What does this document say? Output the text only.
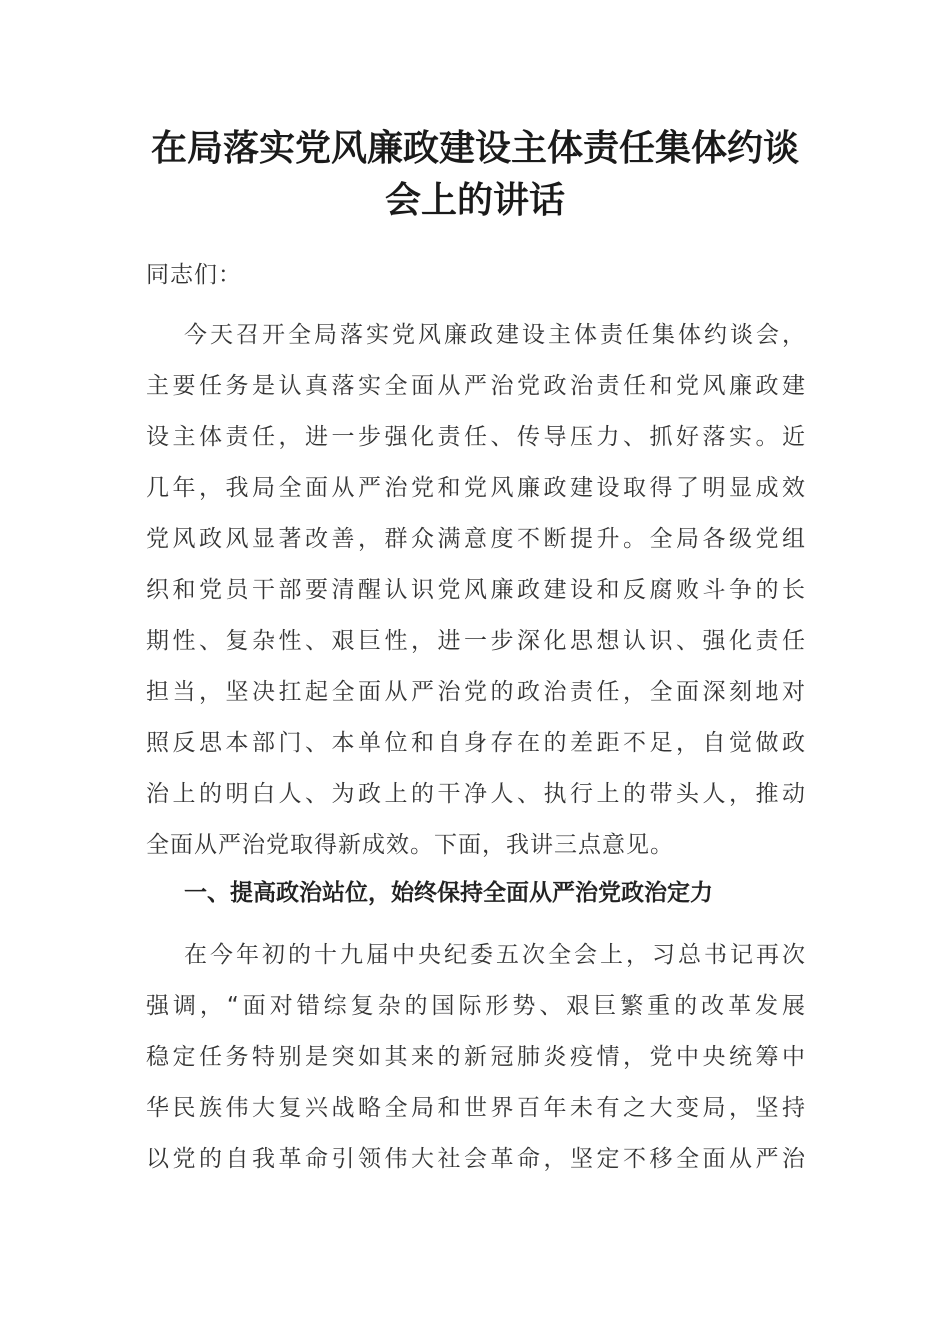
在局落实党风廉政建设主体责任集体约谈
会上的讲话
同志们：
今天召开全局落实党风廉政建设主体责任集体约谈会，
主要任务是认真落实全面从严治党政治责任和党风廉政建
设主体责任，进一步强化责任、传导压力、抓好落实。近
几年，我局全面从严治党和党风廉政建设取得了明显成效
党风政风显著改善，群众满意度不断提升。全局各级党组
织和党员干部要清醒认识党风廉政建设和反腐败斗争的长
期性、复杂性、艰巨性，进一步深化思想认识、强化责任
担当，坚决扛起全面从严治党的政治责任，全面深刻地对
照反思本部门、本单位和自身存在的差距不足，自觉做政
治上的明白人、为政上的干净人、执行上的带头人，推动
全面从严治党取得新成效。下面，我讲三点意见。
一、提高政治站位，始终保持全面从严治党政治定力
在今年初的十九届中央纪委五次全会上，习总书记再次
强调，“面对错综复杂的国际形势、艰巨繁重的改革发展
稳定任务特别是突如其来的新冠肺炎疫情，党中央统筹中
华民族伟大复兴战略全局和世界百年未有之大变局，坚持
以党的自我革命引领伟大社会革命，坚定不移全面从严治
